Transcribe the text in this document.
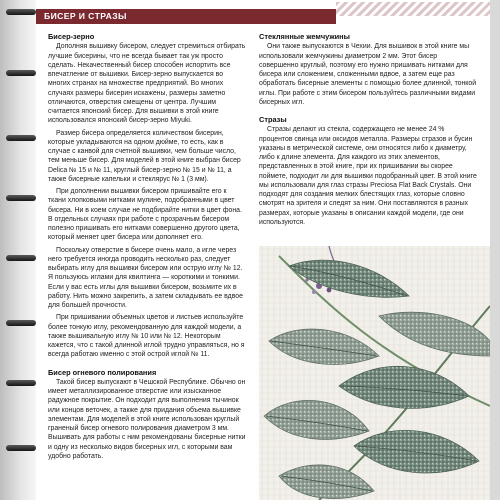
БИСЕР И СТРАЗЫ
Бисер-зерно

Дополняя вышивку бисером, следует стремиться отбирать лучшие бисерины, что не всегда бывает так уж просто сделать. Некачественный бисер способен испортить все впечатление от вышивки. Бисер-зерно выпускается во многих странах на множестве предприятий. Во многих случаях размеры бисерин искажены, размеры заметно отличаются, отверстия смещены от центра. Лучшим считается японский бисер. Для вышивки в этой книге использовался японский бисер-зерно Miyuki.

Размер бисера определяется количеством бисерин, которые укладываются на одном дюйме, то есть, как в случае с канвой для счетной вышивки, чем больше число, тем меньше бисер. Для моделей в этой книге выбран бисер Delica № 15 и № 11, круглый бисер-зерно № 15 и № 11, а также бисерные капельки и стеклярус № 1 (3 мм).

При дополнении вышивки бисером пришивайте его к ткани хлопковыми нитками мулине, подобранными в цвет бисера. Ни в коем случае не подбирайте нитки в цвет фона. В отдельных случаях при работе с прозрачным бисером полезно пришивать его нитками совершенно другого цвета, который меняет цвет бисера или дополняет его.

Поскольку отверстие в бисере очень мало, а игле через него требуется иногда проводить несколько раз, следует выбирать иглу для вышивки бисером или острую иглу № 12. Я пользуюсь иглами для квилтинга — короткими и тонкими. Если у вас есть иглы для вышивки бисером, возьмите их в работу. Нить можно закрепить, а затем складывать ее вдвое для большей прочности.

При пришивании объемных цветов и листьев используйте более тонкую иглу, рекомендованную для каждой модели, а также вышивальную иглу № 10 или № 12. Некоторым кажется, что с такой длинной иглой трудно управляться, но я всегда работаю именно с этой острой иглой № 11.

Бисер огневого полирования

Такой бисер выпускают в Чешской Республике. Обычно он имеет металлизированное отверстие или изысканное радужное покрытие. Он подходит для выполнения тычинок или концов веточек, а также для придания объема вышивке элементам. Для моделей в этой книге использован круглый граненый бисер огневого полирования диаметром 3 мм. Вышивать для работы с ним рекомендованы бисерные нитки и одну из несколько видов бисерных игл, с которыми вам удобно работать.

Стеклянные жемчужины

Они также выпускаются в Чехии. Для вышивок в этой книге мы использовали жемчужины диаметром 2 мм. Этот бисер совершенно круглый, поэтому его нужно пришивать нитками для бисера или сложением, сложенными вдвое, а затем еще раз обработать бисерные элементы с помощью более длинной, тонкой иглы. При работе с этим бисером пользуйтесь различными видами бисерных игл.

Стразы

Стразы делают из стекла, содержащего не менее 24 % процентов свинца или оксидов металла. Размеры стразов и бусин указаны в метрической системе, они относятся либо к диаметру, либо к длине элемента. Для каждого из этих элементов, представленных в этой книге, при их пришивании вы скорее поймете, подходит ли для вышивки подобранный цвет. В этой книге мы использовали для глаз стразы Preciosa Flat Back Crystals. Они подходят для создания мелких блестящих глаз, которые словно смотрят на зрителя и следят за ним. Они поставляются в разных размерах, которые указаны в описании каждой модели, где они используются.
